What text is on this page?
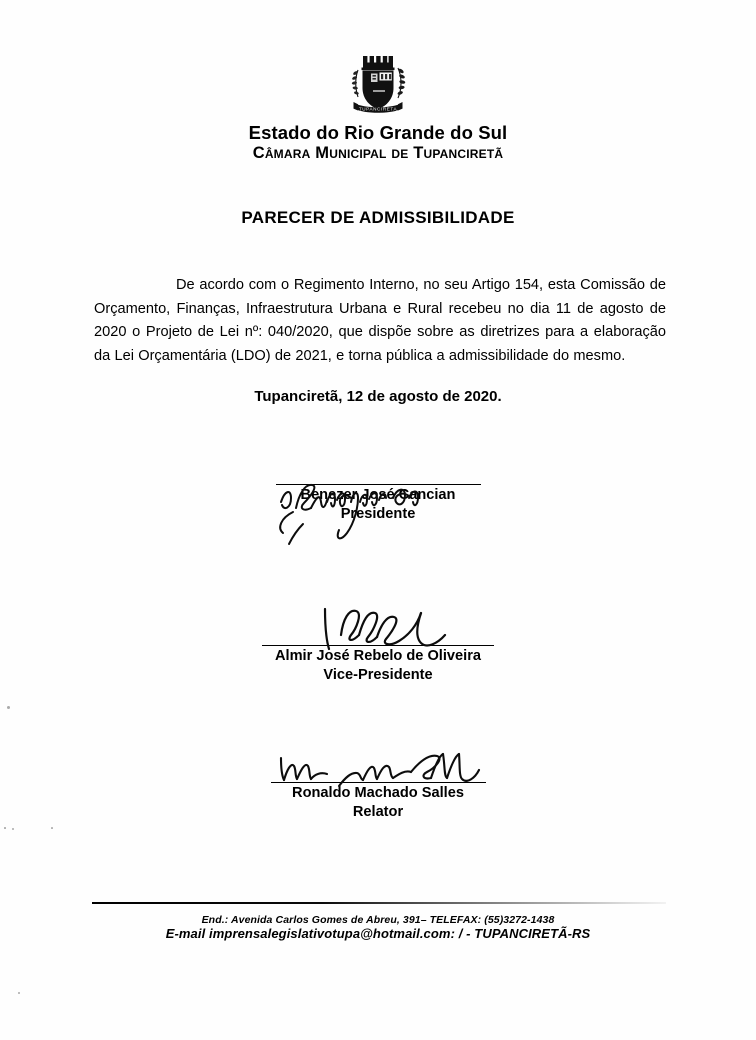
TUPANCIRETA
Estado do Rio Grande do Sul
Câmara Municipal de Tupanciretã
PARECER DE ADMISSIBILIDADE
De acordo com o Regimento Interno, no seu Artigo 154, esta Comissão de Orçamento, Finanças, Infraestrutura Urbana e Rural recebeu no dia 11 de agosto de 2020 o Projeto de Lei nº: 040/2020, que dispõe sobre as diretrizes para a elaboração da Lei Orçamentária (LDO) de 2021, e torna pública a admissibilidade do mesmo.
Tupanciretã, 12 de agosto de 2020.
Benezer José Cancian
Presidente
Almir José Rebelo de Oliveira
Vice-Presidente
Ronaldo Machado Salles
Relator
End.: Avenida Carlos Gomes de Abreu, 391– TELEFAX: (55)3272-1438
E-mail imprensalegislativotupa@hotmail.com: / - TUPANCIRETÃ-RS
